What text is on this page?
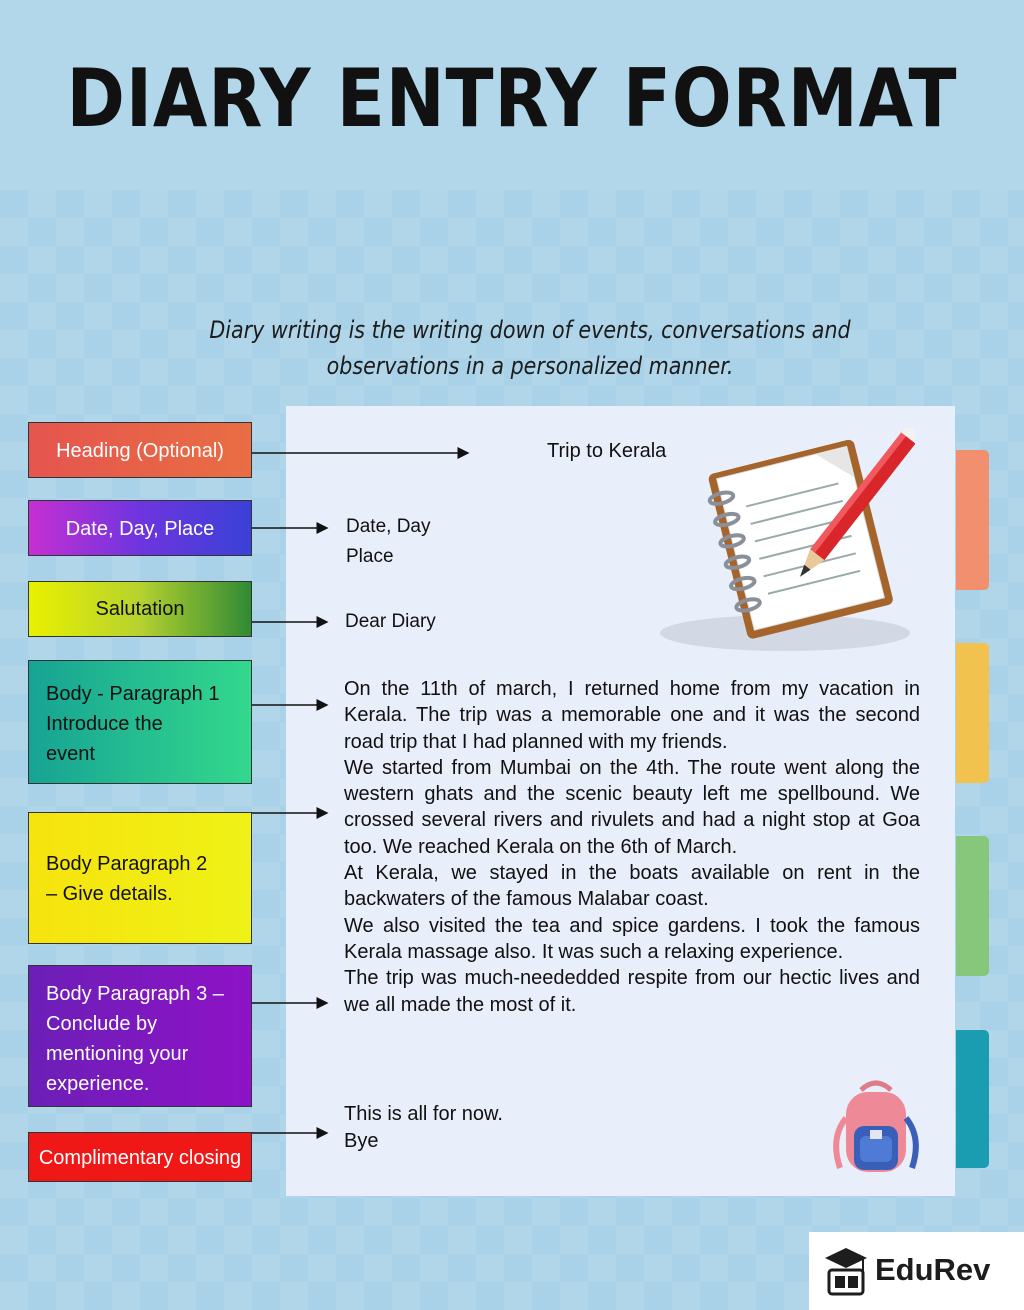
DIARY ENTRY FORMAT
Diary writing is the writing down of events, conversations and observations in a personalized manner.
Heading (Optional)
Date, Day, Place
Salutation
Body - Paragraph 1
Introduce the
event
Body Paragraph 2
– Give details.
Body Paragraph 3 –
Conclude by
mentioning your
experience.
Complimentary closing
Trip to Kerala
Date, Day
Place
Dear Diary

On the 11th of march, I returned home from my vacation in Kerala. The trip was a memorable one and it was the second road trip that I had planned with my friends.

We started from Mumbai on the 4th. The route went along the western ghats and the scenic beauty left me spellbound. We crossed several rivers and rivulets and had a night stop at Goa too. We reached Kerala on the 6th of March.

At Kerala, we stayed in the boats available on rent in the backwaters of the famous Malabar coast.

We also visited the tea and spice gardens. I took the famous Kerala massage also. It was such a relaxing experience.

The trip was much-neededded respite from our hectic lives and we all made the most of it.

This is all for now.
Bye
EduRev
